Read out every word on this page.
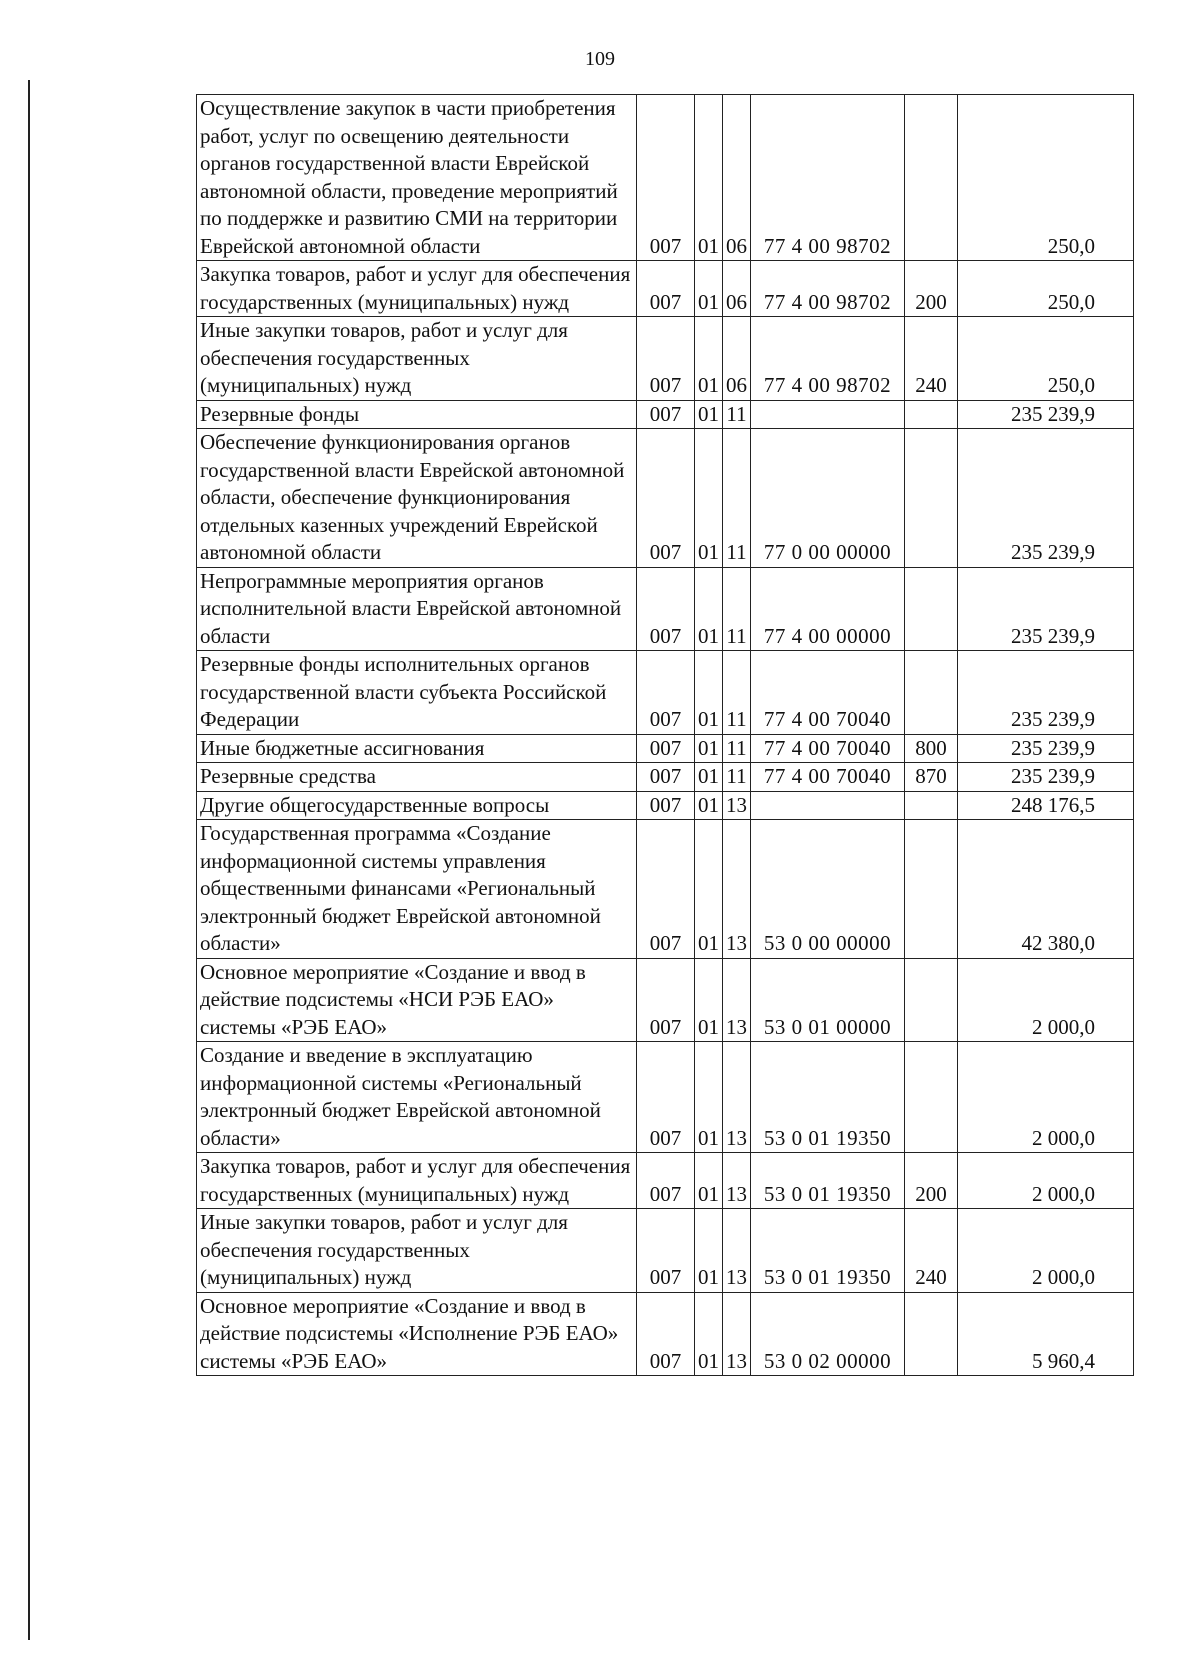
109
Осуществление закупок в части приобретения работ, услуг по освещению деятельности органов государственной власти Еврейской автономной области, проведение мероприятий по поддержке и развитию СМИ на территории Еврейской автономной области	007	01	06	77 4 00 98702		250,0
Закупка товаров, работ и услуг для обеспечения государственных (муниципальных) нужд	007	01	06	77 4 00 98702	200	250,0
Иные закупки товаров, работ и услуг для обеспечения государственных (муниципальных) нужд	007	01	06	77 4 00 98702	240	250,0
Резервные фонды	007	01	11			235 239,9
Обеспечение функционирования органов государственной власти Еврейской автономной области, обеспечение функционирования отдельных казенных учреждений Еврейской автономной области	007	01	11	77 0 00 00000		235 239,9
Непрограммные мероприятия органов исполнительной власти Еврейской автономной области	007	01	11	77 4 00 00000		235 239,9
Резервные фонды исполнительных органов государственной власти субъекта Российской Федерации	007	01	11	77 4 00 70040		235 239,9
Иные бюджетные ассигнования	007	01	11	77 4 00 70040	800	235 239,9
Резервные средства	007	01	11	77 4 00 70040	870	235 239,9
Другие общегосударственные вопросы	007	01	13			248 176,5
Государственная программа «Создание информационной системы управления общественными финансами «Региональный электронный бюджет Еврейской автономной области»	007	01	13	53 0 00 00000		42 380,0
Основное мероприятие «Создание и ввод в действие подсистемы «НСИ РЭБ ЕАО» системы «РЭБ ЕАО»	007	01	13	53 0 01 00000		2 000,0
Создание и введение в эксплуатацию информационной системы «Региональный электронный бюджет Еврейской автономной области»	007	01	13	53 0 01 19350		2 000,0
Закупка товаров, работ и услуг для обеспечения государственных (муниципальных) нужд	007	01	13	53 0 01 19350	200	2 000,0
Иные закупки товаров, работ и услуг для обеспечения государственных (муниципальных) нужд	007	01	13	53 0 01 19350	240	2 000,0
Основное мероприятие «Создание и ввод в действие подсистемы «Исполнение РЭБ ЕАО» системы «РЭБ ЕАО»	007	01	13	53 0 02 00000		5 960,4
